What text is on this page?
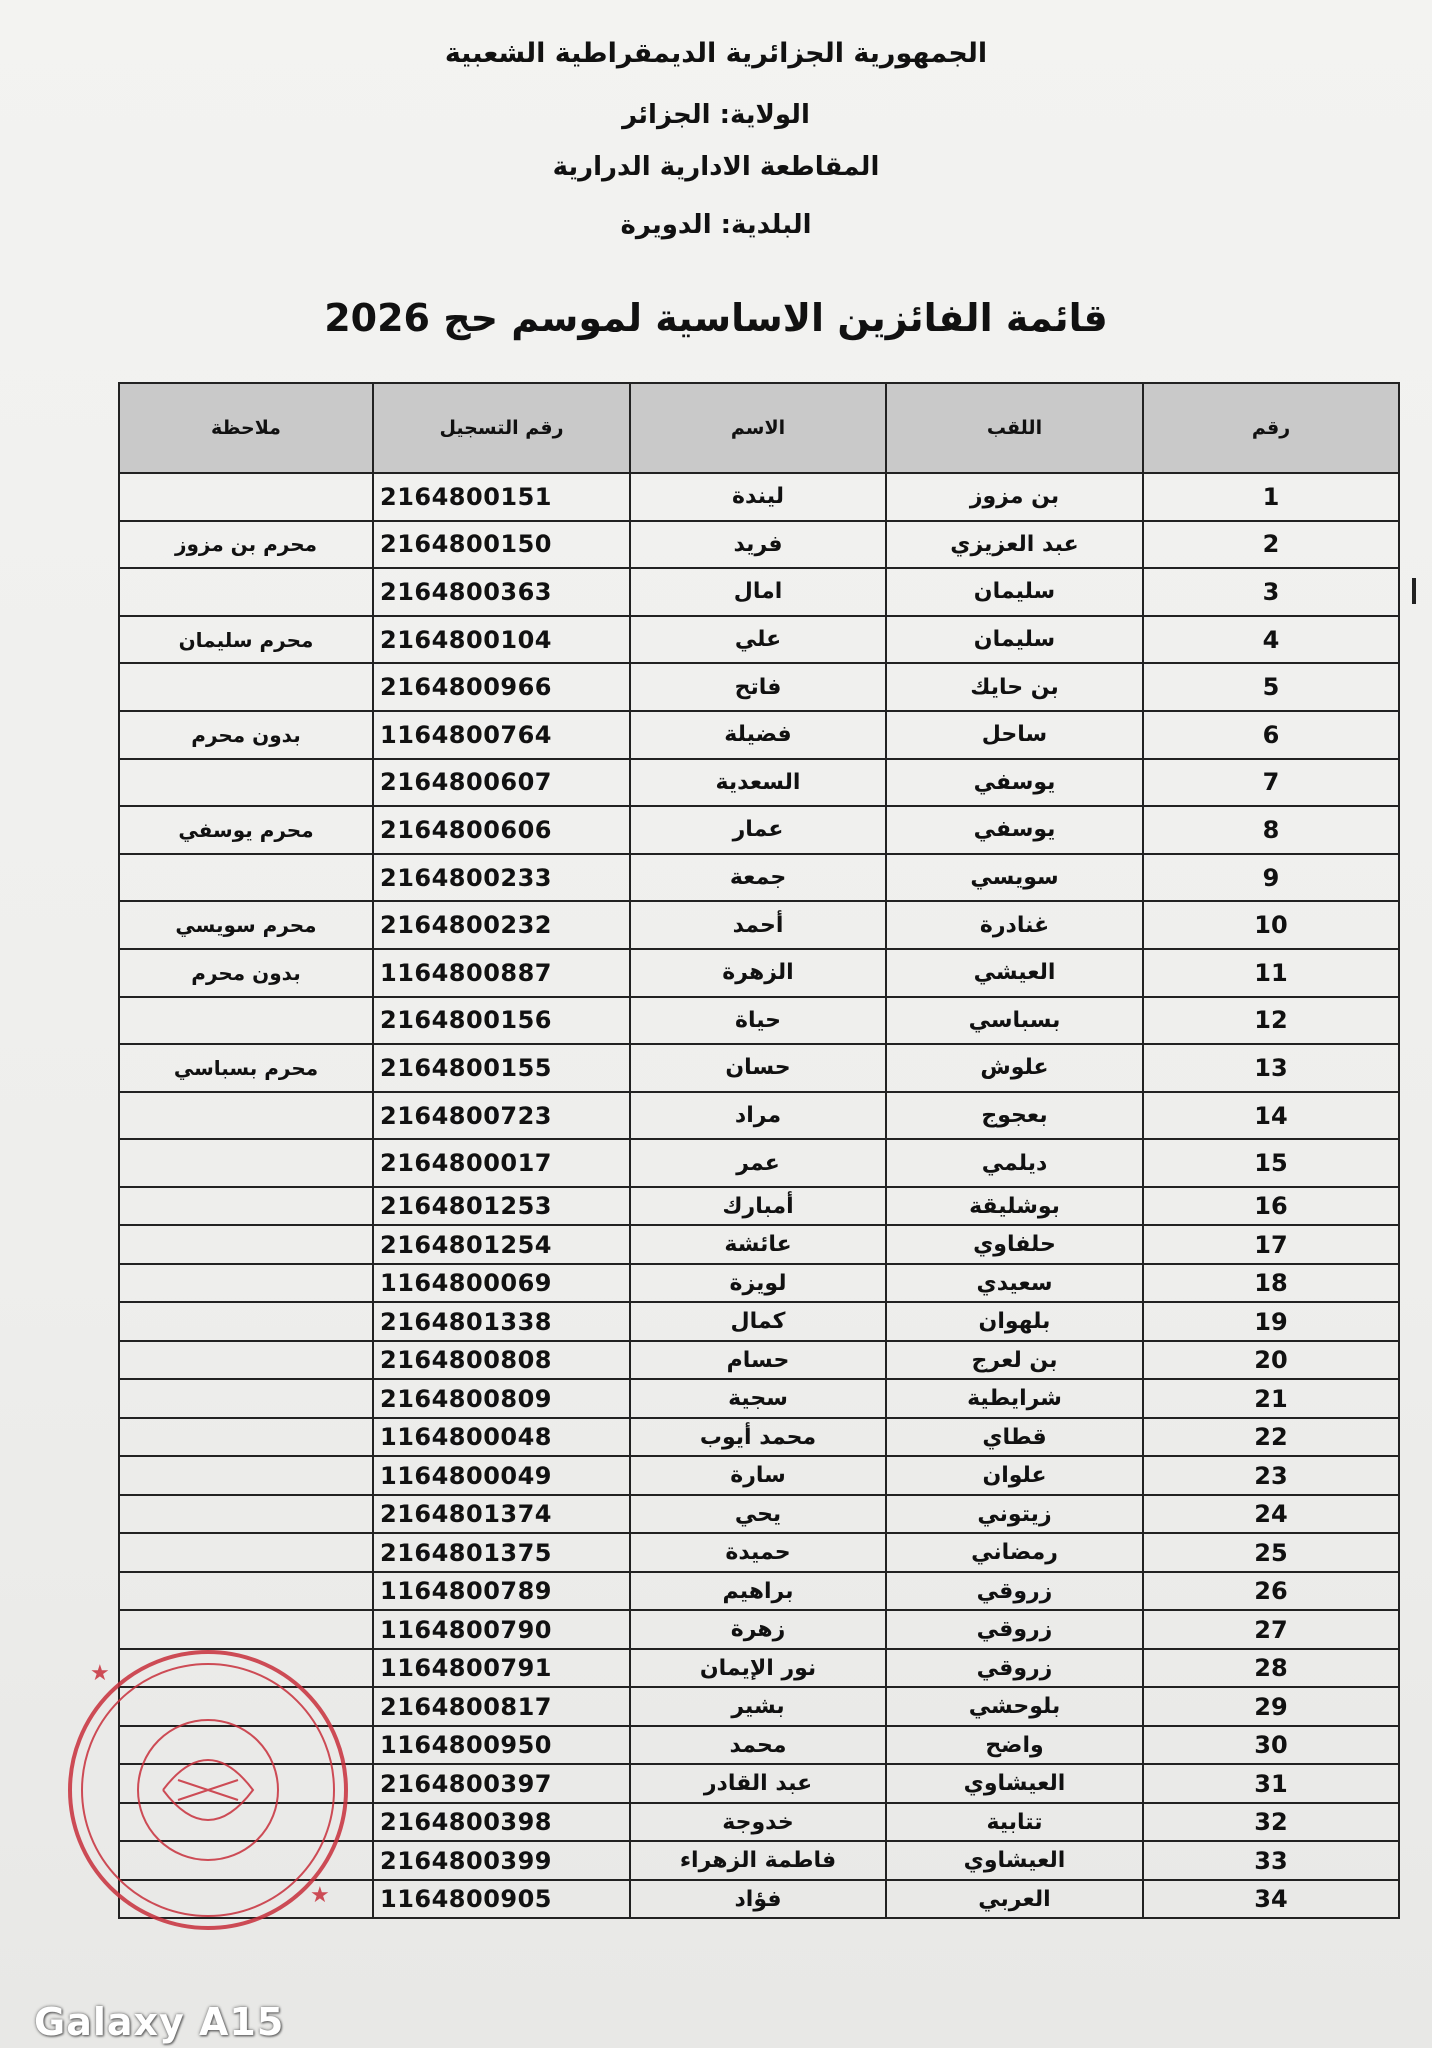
الجمهورية الجزائرية الديمقراطية الشعبية
الولاية: الجزائر
المقاطعة الادارية الدرارية
البلدية: الدويرة
قائمة الفائزين الاساسية لموسم حج 2026
رقم	اللقب	الاسم	رقم التسجيل	ملاحظة
1	بن مزوز	ليندة	2164800151	
2	عبد العزيزي	فريد	2164800150	محرم بن مزوز
3	سليمان	امال	2164800363	
4	سليمان	علي	2164800104	محرم سليمان
5	بن حايك	فاتح	2164800966	
6	ساحل	فضيلة	1164800764	بدون محرم
7	يوسفي	السعدية	2164800607	
8	يوسفي	عمار	2164800606	محرم يوسفي
9	سويسي	جمعة	2164800233	
10	غنادرة	أحمد	2164800232	محرم سويسي
11	العيشي	الزهرة	1164800887	بدون محرم
12	بسباسي	حياة	2164800156	
13	علوش	حسان	2164800155	محرم بسباسي
14	بعجوج	مراد	2164800723	
15	ديلمي	عمر	2164800017	
16	بوشليقة	أمبارك	2164801253	
17	حلفاوي	عائشة	2164801254	
18	سعيدي	لويزة	1164800069	
19	بلهوان	كمال	2164801338	
20	بن لعرج	حسام	2164800808	
21	شرايطية	سجية	2164800809	
22	قطاي	محمد أيوب	1164800048	
23	علوان	سارة	1164800049	
24	زيتوني	يحي	2164801374	
25	رمضاني	حميدة	2164801375	
26	زروقي	براهيم	1164800789	
27	زروقي	زهرة	1164800790	
28	زروقي	نور الإيمان	1164800791	
29	بلوحشي	بشير	2164800817	
30	واضح	محمد	1164800950	
31	العيشاوي	عبد القادر	2164800397	
32	تتابية	خدوجة	2164800398	
33	العيشاوي	فاطمة الزهراء	2164800399	
34	العربي	فؤاد	1164800905	
★
★
Galaxy A15
